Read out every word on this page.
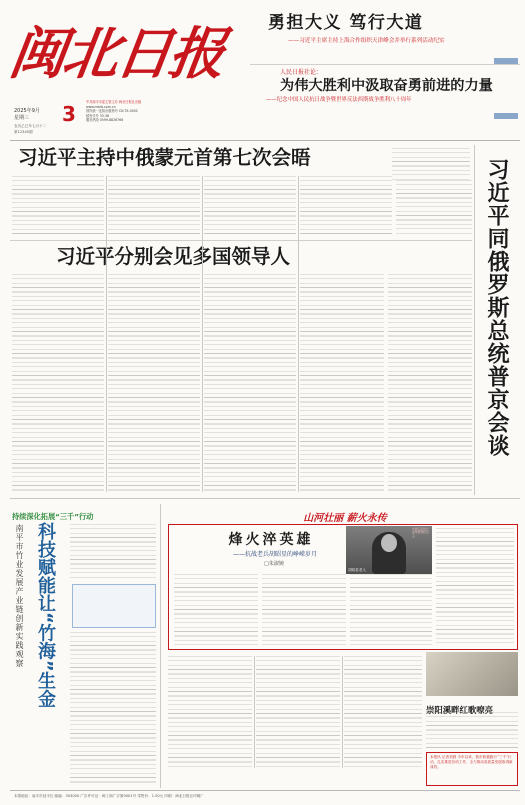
闽北日报
2025年9月
星期三	3
农历乙巳年七月十二
第12345期
中共南平市委主管主办 闽北日报社出版
www.mbrb.com.cn
国内统一连续出版物号 CN 35-0002
邮发代号 33-38
服务热线 0599-8826766
勇担大义 笃行大道
——习近平主席主持上海合作组织天津峰会并举行系列活动纪实
人民日报社论：
为伟大胜利中汲取奋勇前进的力量
——纪念中国人民抗日战争暨世界反法西斯战争胜利八十周年
习近平主持中俄蒙元首第七次会晤
习近平分别会见多国领导人	习近平同俄罗斯总统普京会谈
持续深化拓展“三千”行动
南平市竹业发展产业链创新实践观察 科技赋能让“竹海”生金
山河壮丽 薪火永传
烽火淬英雄
——抗战老兵胡昭星的峥嵘岁月
□朱淑婉
胡昭星老人
中国人民抗日战争胜利纪念章
崇阳溪畔红歌嘹亮
本报讯 记者刘晨 今年以来，我市积极践行“三千”行动，扎实推进各项工作，全力推动高质量发展取得新成效。
本报地址：南平市延平区 邮编：353000 广告许可证：闽工商广字第0001号 零售价：1.50元 印刷：闽北日报社印刷厂
